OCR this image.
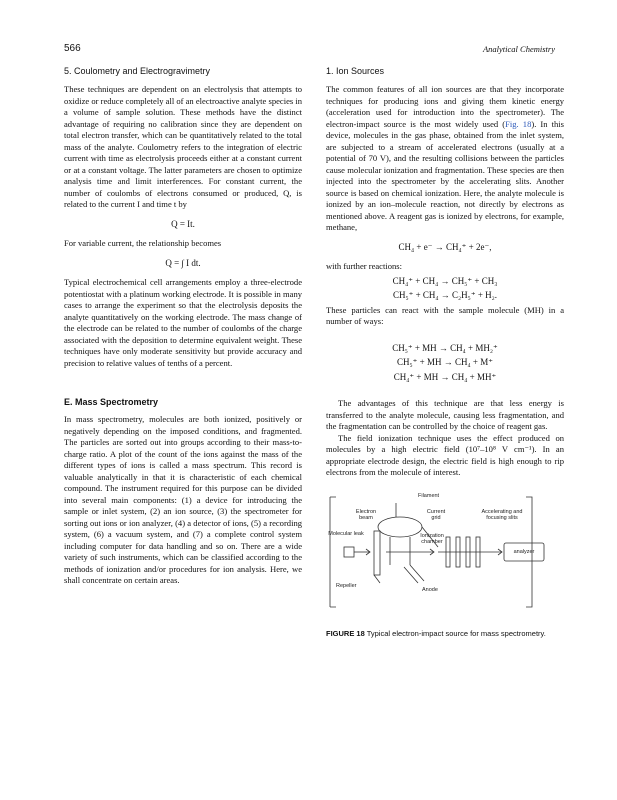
566	Analytical Chemistry
5. Coulometry and Electrogravimetry

These techniques are dependent on an electrolysis that attempts to oxidize or reduce completely all of an electroactive analyte species in a volume of sample solution. These methods have the distinct advantage of requiring no calibration since they are dependent on total electron transfer, which can be quantitatively related to the total mass of the analyte. Coulometry refers to the integration of electric current with time as electrolysis proceeds either at a constant current or at a constant voltage. The latter parameters are chosen to optimize analysis time and limit interferences. For constant current, the number of coulombs of electrons consumed or produced, Q, is related to the current I and time t by

Q = It.

For variable current, the relationship becomes

Q = ∫ I dt.

Typical electrochemical cell arrangements employ a three-electrode potentiostat with a platinum working electrode. It is possible in many cases to arrange the experiment so that the electrolysis deposits the analyte quantitatively on the working electrode. The mass change of the electrode can be related to the number of coulombs of the charge associated with the deposition to determine equivalent weight. These techniques have only moderate sensitivity but provide accuracy and precision to relative values of tenths of a percent.

E. Mass Spectrometry

In mass spectrometry, molecules are both ionized, positively or negatively depending on the imposed conditions, and fragmented. The particles are sorted out into groups according to their mass-to-charge ratio. A plot of the count of the ions against the mass of the different types of ions is called a mass spectrum. This record is valuable analytically in that it is characteristic of each chemical compound. The instrument required for this purpose can be divided into several main components: (1) a device for introducing the sample or inlet system, (2) an ion source, (3) the spectrometer for sorting out ions or ion analyzer, (4) a detector of ions, (5) a recording system, (6) a vacuum system, and (7) a complete control system including computer for data handling and so on. There are a wide variety of such instruments, which can be classified according to the methods of ionization and/or procedures for ion analysis. Here, we shall concentrate on certain areas.

1. Ion Sources

The common features of all ion sources are that they incorporate techniques for producing ions and giving them kinetic energy (acceleration used for introduction into the spectrometer). The electron-impact source is the most widely used (Fig. 18). In this device, molecules in the gas phase, obtained from the inlet system, are subjected to a stream of accelerated electrons (usually at a potential of 70 V), and the resulting collisions between the particles cause molecular ionization and fragmentation. These species are then injected into the spectrometer by the accelerating slits. Another source is based on chemical ionization. Here, the analyte molecule is ionized by an ion–molecule reaction, not directly by electrons as mentioned above. A reagent gas is ionized by electrons, for example, methane,

CH₄ + e⁻ → CH₄⁺ + 2e⁻,

with further reactions:

CH₄⁺ + CH₄ → CH₅⁺ + CH₃
CH₅⁺ + CH₄ → C₂H₅⁺ + H₂.

These particles can react with the sample molecule (MH) in a number of ways:

CH₅⁺ + MH → CH₄ + MH₂⁺
CH₅⁺ + MH → CH₄ + M⁺
CH₄⁺ + MH → CH₄ + MH⁺

The advantages of this technique are that less energy is transferred to the analyte molecule, causing less fragmentation, and the fragmentation can be controlled by the choice of reagent gas.

The field ionization technique uses the effect produced on molecules by a high electric field (10⁷–10⁸ V cm⁻¹). In an appropriate electrode design, the electric field is high enough to rip electrons from the molecule of interest.

Filament
Electron beam
Current grid
Accelerating and focusing slits
Molecular leak	Ionization chamber
analyzer
Repeller
Anode
FIGURE 18 Typical electron-impact source for mass spectrometry.
